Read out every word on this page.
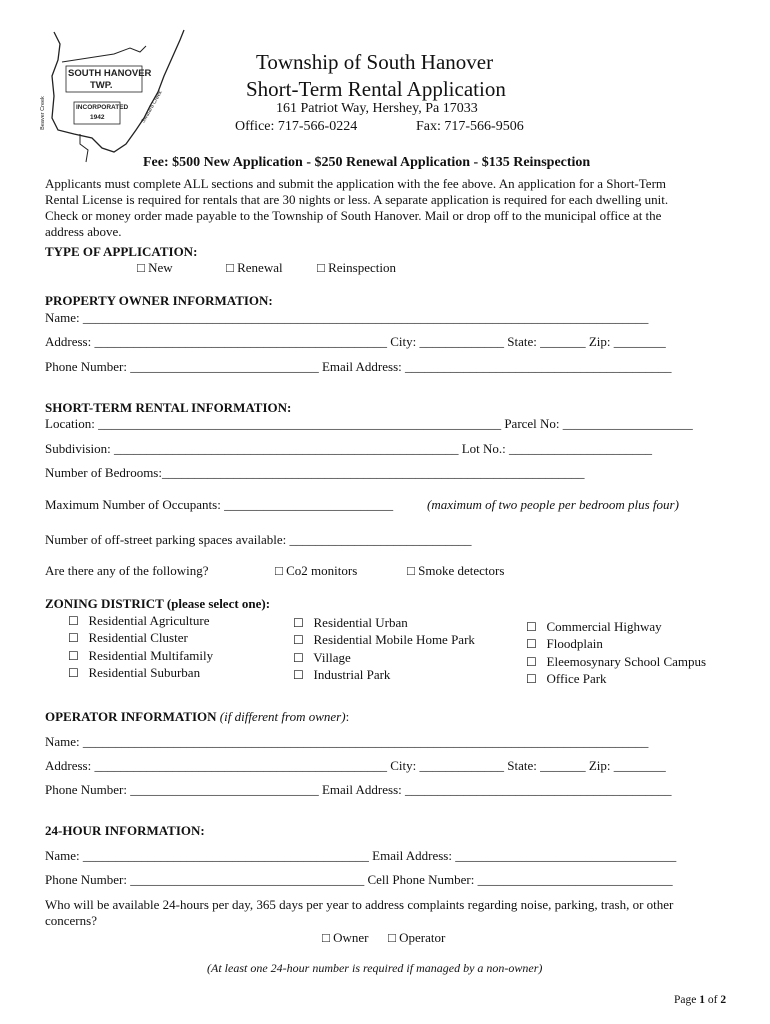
SOUTH HANOVER
TWP.
INCORPORATED
1942
Beaver Creek	Swatara Creek
Township of South Hanover
Short-Term Rental Application
161 Patriot Way, Hershey, Pa 17033
Office: 717-566-0224	Fax: 717-566-9506
Fee: $500 New Application - $250 Renewal Application - $135 Reinspection
Applicants must complete ALL sections and submit the application with the fee above. An application for a Short-Term
Rental License is required for rentals that are 30 nights or less. A separate application is required for each dwelling unit.
Check or money order made payable to the Township of South Hanover. Mail or drop off to the municipal office at the
address above.
TYPE OF APPLICATION:
□ New	□ Renewal	□ Reinspection
PROPERTY OWNER INFORMATION:
Name: _______________________________________________________________________________________
Address: _____________________________________________ City: _____________ State: _______ Zip: ________
Phone Number: _____________________________ Email Address: _________________________________________
SHORT-TERM RENTAL INFORMATION:
Location: ______________________________________________________________ Parcel No: ____________________
Subdivision: _____________________________________________________ Lot No.: ______________________
Number of Bedrooms:_________________________________________________________________
Maximum Number of Occupants: __________________________	(maximum of two people per bedroom plus four)
Number of off-street parking spaces available: ____________________________
Are there any of the following?	□ Co2 monitors	□ Smoke detectors
ZONING DISTRICT (please select one):
☐ Residential Agriculture
☐ Residential Cluster
☐ Residential Multifamily
☐ Residential Suburban
☐ Residential Urban
☐ Residential Mobile Home Park
☐ Village
☐ Industrial Park
☐ Commercial Highway
☐ Floodplain
☐ Eleemosynary School Campus
☐ Office Park
OPERATOR INFORMATION (if different from owner):
Name: _______________________________________________________________________________________
Address: _____________________________________________ City: _____________ State: _______ Zip: ________
Phone Number: _____________________________ Email Address: _________________________________________
24-HOUR INFORMATION:
Name: ____________________________________________ Email Address: __________________________________
Phone Number: ____________________________________ Cell Phone Number: ______________________________
Who will be available 24-hours per day, 365 days per year to address complaints regarding noise, parking, trash, or other
concerns?
□ Owner □ Operator
(At least one 24-hour number is required if managed by a non-owner)
Page 1 of 2
